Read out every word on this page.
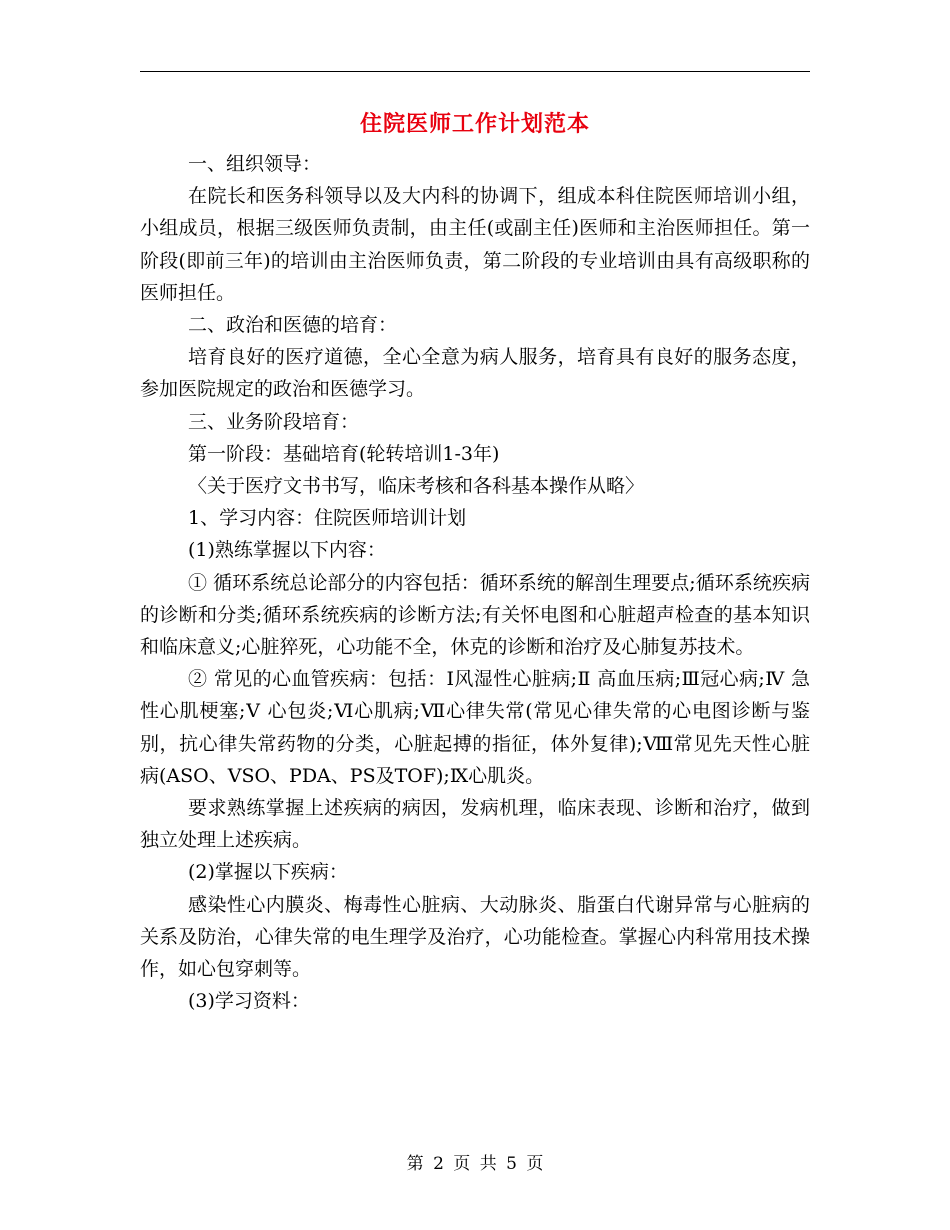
住院医师工作计划范本

一、组织领导：

在院长和医务科领导以及大内科的协调下，组成本科住院医师培训小组，小组成员，根据三级医师负责制，由主任(或副主任)医师和主治医师担任。第一阶段(即前三年)的培训由主治医师负责，第二阶段的专业培训由具有高级职称的医师担任。

二、政治和医德的培育：

培育良好的医疗道德，全心全意为病人服务，培育具有良好的服务态度，参加医院规定的政治和医德学习。

三、业务阶段培育：

第一阶段：基础培育(轮转培训1-3年)

〈关于医疗文书书写，临床考核和各科基本操作从略〉

1、学习内容：住院医师培训计划

(1)熟练掌握以下内容：

① 循环系统总论部分的内容包括：循环系统的解剖生理要点;循环系统疾病的诊断和分类;循环系统疾病的诊断方法;有关怀电图和心脏超声检查的基本知识和临床意义;心脏猝死，心功能不全，休克的诊断和治疗及心肺复苏技术。

② 常见的心血管疾病：包括：Ⅰ风湿性心脏病;Ⅱ 高血压病;Ⅲ冠心病;Ⅳ 急性心肌梗塞;Ⅴ 心包炎;Ⅵ心肌病;Ⅶ心律失常(常见心律失常的心电图诊断与鉴别，抗心律失常药物的分类，心脏起搏的指征，体外复律);Ⅷ常见先天性心脏病(ASO、VSO、PDA、PS及TOF);Ⅸ心肌炎。

要求熟练掌握上述疾病的病因，发病机理，临床表现、诊断和治疗，做到独立处理上述疾病。

(2)掌握以下疾病：

感染性心内膜炎、梅毒性心脏病、大动脉炎、脂蛋白代谢异常与心脏病的关系及防治，心律失常的电生理学及治疗，心功能检查。掌握心内科常用技术操作，如心包穿刺等。

(3)学习资料：

第 2 页 共 5 页
